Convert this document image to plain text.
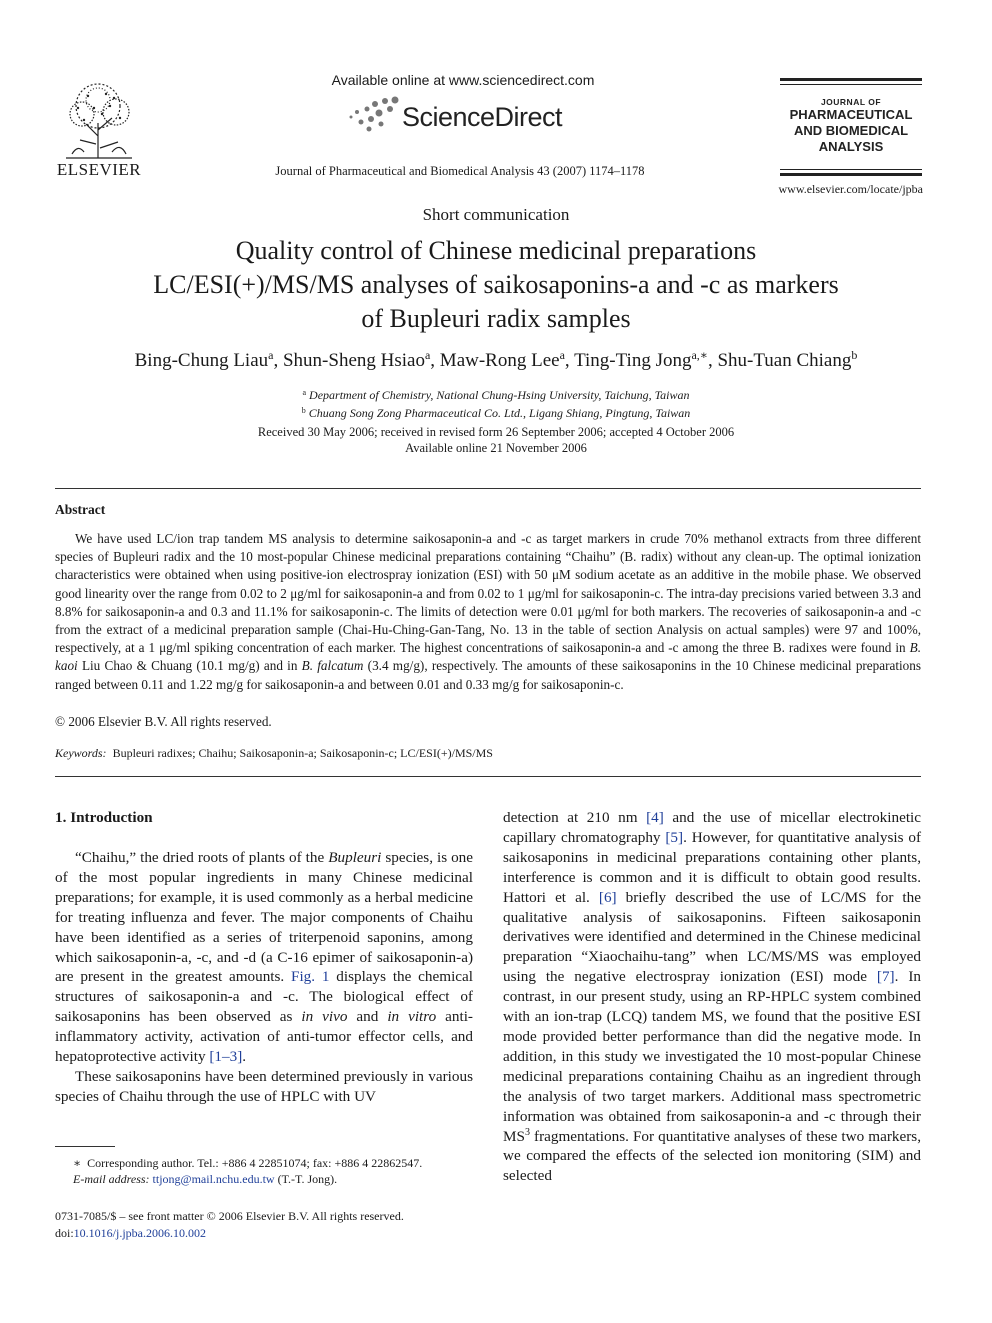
ELSEVIER
Available online at www.sciencedirect.com
ScienceDirect
Journal of Pharmaceutical and Biomedical Analysis 43 (2007) 1174–1178
JOURNAL OF
PHARMACEUTICAL
AND BIOMEDICAL
ANALYSIS
www.elsevier.com/locate/jpba
Short communication
Quality control of Chinese medicinal preparations
LC/ESI(+)/MS/MS analyses of saikosaponins-a and -c as markers
of Bupleuri radix samples
Bing-Chung Liau$^a$, Shun-Sheng Hsiao$^a$, Maw-Rong Lee$^a$, Ting-Ting Jong$^{a,∗}$, Shu-Tuan Chiang$^b$
$^a$ Department of Chemistry, National Chung-Hsing University, Taichung, Taiwan
$^b$ Chuang Song Zong Pharmaceutical Co. Ltd., Ligang Shiang, Pingtung, Taiwan
Received 30 May 2006; received in revised form 26 September 2006; accepted 4 October 2006
Available online 21 November 2006
Abstract

We have used LC/ion trap tandem MS analysis to determine saikosaponin-a and -c as target markers in crude 70% methanol extracts from three different species of Bupleuri radix and the 10 most-popular Chinese medicinal preparations containing “Chaihu” (B. radix) without any clean-up. The optimal ionization characteristics were obtained when using positive-ion electrospray ionization (ESI) with 50 μM sodium acetate as an additive in the mobile phase. We observed good linearity over the range from 0.02 to 2 μg/ml for saikosaponin-a and from 0.02 to 1 μg/ml for saikosaponin-c. The intra-day precisions varied between 3.3 and 8.8% for saikosaponin-a and 0.3 and 11.1% for saikosaponin-c. The limits of detection were 0.01 μg/ml for both markers. The recoveries of saikosaponin-a and -c from the extract of a medicinal preparation sample (Chai-Hu-Ching-Gan-Tang, No. 13 in the table of section Analysis on actual samples) were 97 and 100%, respectively, at a 1 μg/ml spiking concentration of each marker. The highest concentrations of saikosaponin-a and -c among the three B. radixes were found in B. kaoi Liu Chao & Chuang (10.1 mg/g) and in B. falcatum (3.4 mg/g), respectively. The amounts of these saikosaponins in the 10 Chinese medicinal preparations ranged between 0.11 and 1.22 mg/g for saikosaponin-a and between 0.01 and 0.33 mg/g for saikosaponin-c.

© 2006 Elsevier B.V. All rights reserved.
Keywords: Bupleuri radixes; Chaihu; Saikosaponin-a; Saikosaponin-c; LC/ESI(+)/MS/MS
1. Introduction

“Chaihu,” the dried roots of plants of the Bupleuri species, is one of the most popular ingredients in many Chinese medicinal preparations; for example, it is used commonly as a herbal medicine for treating influenza and fever. The major components of Chaihu have been identified as a series of triterpenoid saponins, among which saikosaponin-a, -c, and -d (a C-16 epimer of saikosaponin-a) are present in the greatest amounts. Fig. 1 displays the chemical structures of saikosaponin-a and -c. The biological effect of saikosaponins has been observed as in vivo and in vitro anti-inflammatory activity, activation of anti-tumor effector cells, and hepatoprotective activity [1–3].

These saikosaponins have been determined previously in various species of Chaihu through the use of HPLC with UV

detection at 210 nm [4] and the use of micellar electrokinetic capillary chromatography [5]. However, for quantitative analysis of saikosaponins in medicinal preparations containing other plants, interference is common and it is difficult to obtain good results. Hattori et al. [6] briefly described the use of LC/MS for the qualitative analysis of saikosaponins. Fifteen saikosaponin derivatives were identified and determined in the Chinese medicinal preparation “Xiaochaihu-tang” when LC/MS/MS was employed using the negative electrospray ionization (ESI) mode [7]. In contrast, in our present study, using an RP-HPLC system combined with an ion-trap (LCQ) tandem MS, we found that the positive ESI mode provided better performance than did the negative mode. In addition, in this study we investigated the 10 most-popular Chinese medicinal preparations containing Chaihu as an ingredient through the analysis of two target markers. Additional mass spectrometric information was obtained from saikosaponin-a and -c through their $MS^3$ fragmentations. For quantitative analyses of these two markers, we compared the effects of the selected ion monitoring (SIM) and selected

∗ Corresponding author. Tel.: +886 4 22851074; fax: +886 4 22862547.
E-mail address: ttjong@mail.nchu.edu.tw (T.-T. Jong).
0731-7085/$ – see front matter © 2006 Elsevier B.V. All rights reserved.
doi:10.1016/j.jpba.2006.10.002
